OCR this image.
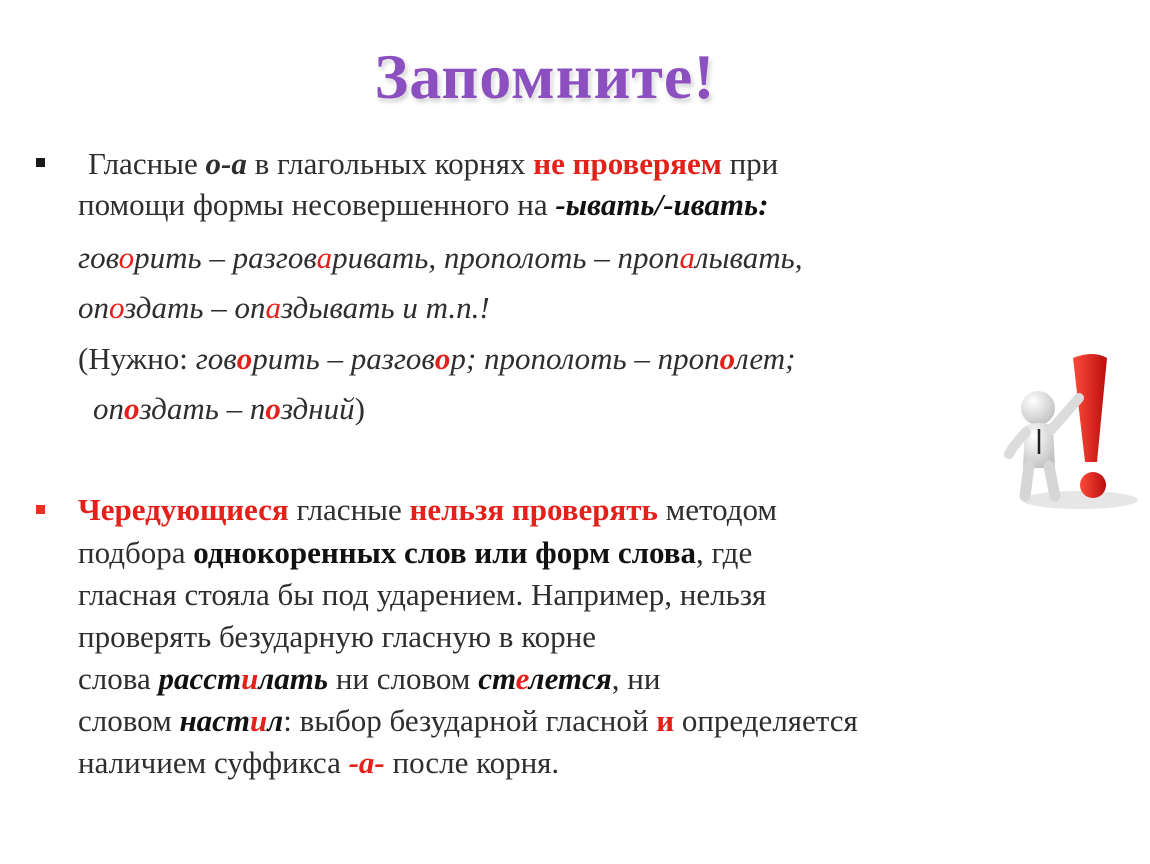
Запомните!
Гласные о-а в глагольных корнях не проверяем при
помощи формы несовершенного на -ывать/-ивать:
говорить – разговаривать, прополоть – пропалывать,
опоздать – опаздывать и т.п.!
(Нужно: говорить – разговор; прополоть – прополет;
опоздать – поздний)
Чередующиеся гласные нельзя проверять методом
подбора однокоренных слов или форм слова, где
гласная стояла бы под ударением. Например, нельзя
проверять безударную гласную в корне
слова расстилать ни словом стелется, ни
словом настил: выбор безударной гласной и определяется
наличием суффикса -а- после корня.
